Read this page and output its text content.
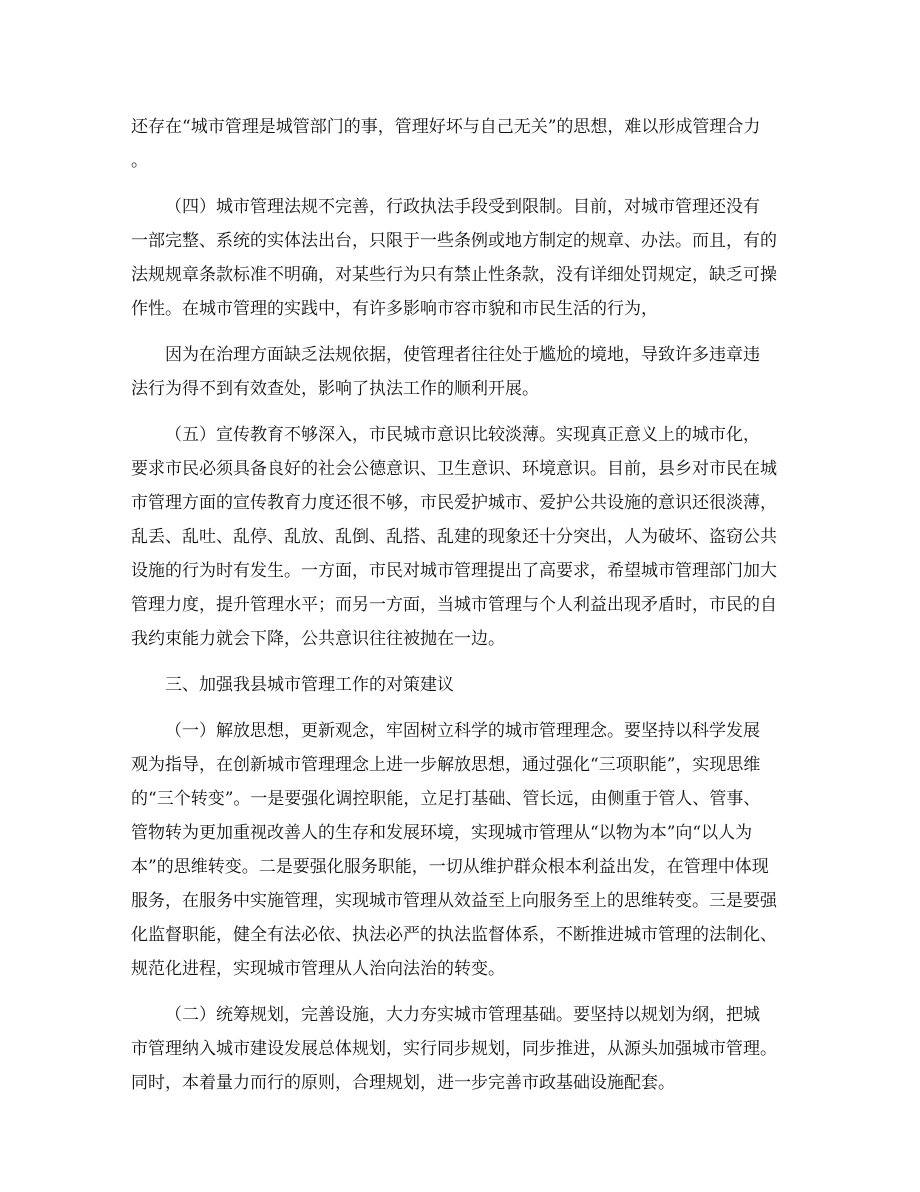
还存在“城市管理是城管部门的事，管理好坏与自己无关”的思想，难以形成管理合力
。
（四）城市管理法规不完善，行政执法手段受到限制。目前，对城市管理还没有
一部完整、系统的实体法出台，只限于一些条例或地方制定的规章、办法。而且，有的
法规规章条款标准不明确，对某些行为只有禁止性条款，没有详细处罚规定，缺乏可操
作性。在城市管理的实践中，有许多影响市容市貌和市民生活的行为，
因为在治理方面缺乏法规依据，使管理者往往处于尴尬的境地，导致许多违章违
法行为得不到有效查处，影响了执法工作的顺利开展。
（五）宣传教育不够深入，市民城市意识比较淡薄。实现真正意义上的城市化，
要求市民必须具备良好的社会公德意识、卫生意识、环境意识。目前，县乡对市民在城
市管理方面的宣传教育力度还很不够，市民爱护城市、爱护公共设施的意识还很淡薄，
乱丢、乱吐、乱停、乱放、乱倒、乱搭、乱建的现象还十分突出，人为破坏、盗窃公共
设施的行为时有发生。一方面，市民对城市管理提出了高要求，希望城市管理部门加大
管理力度，提升管理水平；而另一方面，当城市管理与个人利益出现矛盾时，市民的自
我约束能力就会下降，公共意识往往被抛在一边。
三、加强我县城市管理工作的对策建议
（一）解放思想，更新观念，牢固树立科学的城市管理理念。要坚持以科学发展
观为指导，在创新城市管理理念上进一步解放思想，通过强化“三项职能”，实现思维
的“三个转变”。一是要强化调控职能，立足打基础、管长远，由侧重于管人、管事、
管物转为更加重视改善人的生存和发展环境，实现城市管理从“以物为本”向“以人为
本”的思维转变。二是要强化服务职能，一切从维护群众根本利益出发，在管理中体现
服务，在服务中实施管理，实现城市管理从效益至上向服务至上的思维转变。三是要强
化监督职能，健全有法必依、执法必严的执法监督体系，不断推进城市管理的法制化、
规范化进程，实现城市管理从人治向法治的转变。
（二）统筹规划，完善设施，大力夯实城市管理基础。要坚持以规划为纲，把城
市管理纳入城市建设发展总体规划，实行同步规划，同步推进，从源头加强城市管理。
同时，本着量力而行的原则，合理规划，进一步完善市政基础设施配套。
